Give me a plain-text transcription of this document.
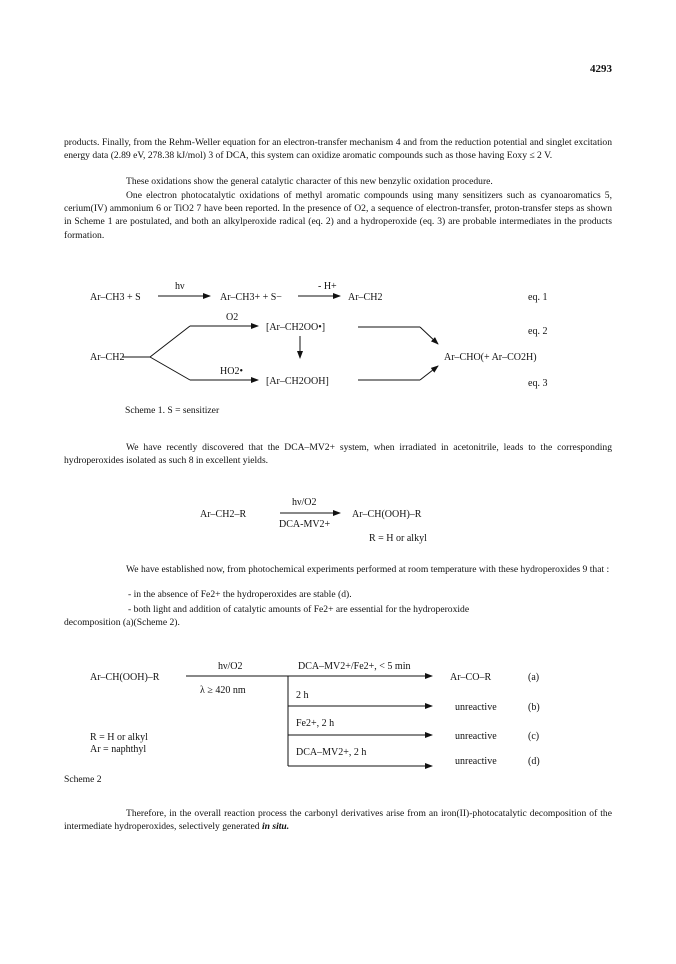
4293

products. Finally, from the Rehm-Weller equation for an electron-transfer mechanism 4 and from the reduction potential and singlet excitation energy data (2.89 eV, 278.38 kJ/mol) 3 of DCA, this system can oxidize aromatic compounds such as those having Eoxy ≤ 2 V.

These oxidations show the general catalytic character of this new benzylic oxidation procedure.

One electron photocatalytic oxidations of methyl aromatic compounds using many sensitizers such as cyanoaromatics 5, cerium(IV) ammonium 6 or TiO2 7 have been reported. In the presence of O2, a sequence of electron-transfer, proton-transfer steps as shown in Scheme 1 are postulated, and both an alkylperoxide radical (eq. 2) and a hydroperoxide (eq. 3) are probable intermediates in the products formation.

Ar–CH3 + S
hν
Ar–CH3+ + S−
- H+
Ar–CH2	eq. 1
Ar–CH2
O2
HO2•
[Ar–CH2OO•]
[Ar–CH2OOH]
Ar–CHO(+ Ar–CO2H)
eq. 2
eq. 3
Scheme 1. S = sensitizer

We have recently discovered that the DCA–MV2+ system, when irradiated in acetonitrile, leads to the corresponding hydroperoxides isolated as such 8 in excellent yields.

Ar–CH2–R
hν/O2
DCA-MV2+
Ar–CH(OOH)–R
R = H or alkyl

We have established now, from photochemical experiments performed at room temperature with these hydroperoxides 9 that :

- in the absence of Fe2+ the hydroperoxides are stable (d).
- both light and addition of catalytic amounts of Fe2+ are essential for the hydroperoxide
decomposition (a)(Scheme 2).
Ar–CH(OOH)–R
hν/O2
λ ≥ 420 nm
DCA–MV2+/Fe2+, < 5 min
Ar–CO–R	(a)
2 h
unreactive	(b)
Fe2+, 2 h
unreactive	(c)
DCA–MV2+, 2 h
unreactive	(d)
R = H or alkyl
Ar = naphthyl
Scheme 2

Therefore, in the overall reaction process the carbonyl derivatives arise from an iron(II)-photocatalytic decomposition of the intermediate hydroperoxides, selectively generated in situ.
